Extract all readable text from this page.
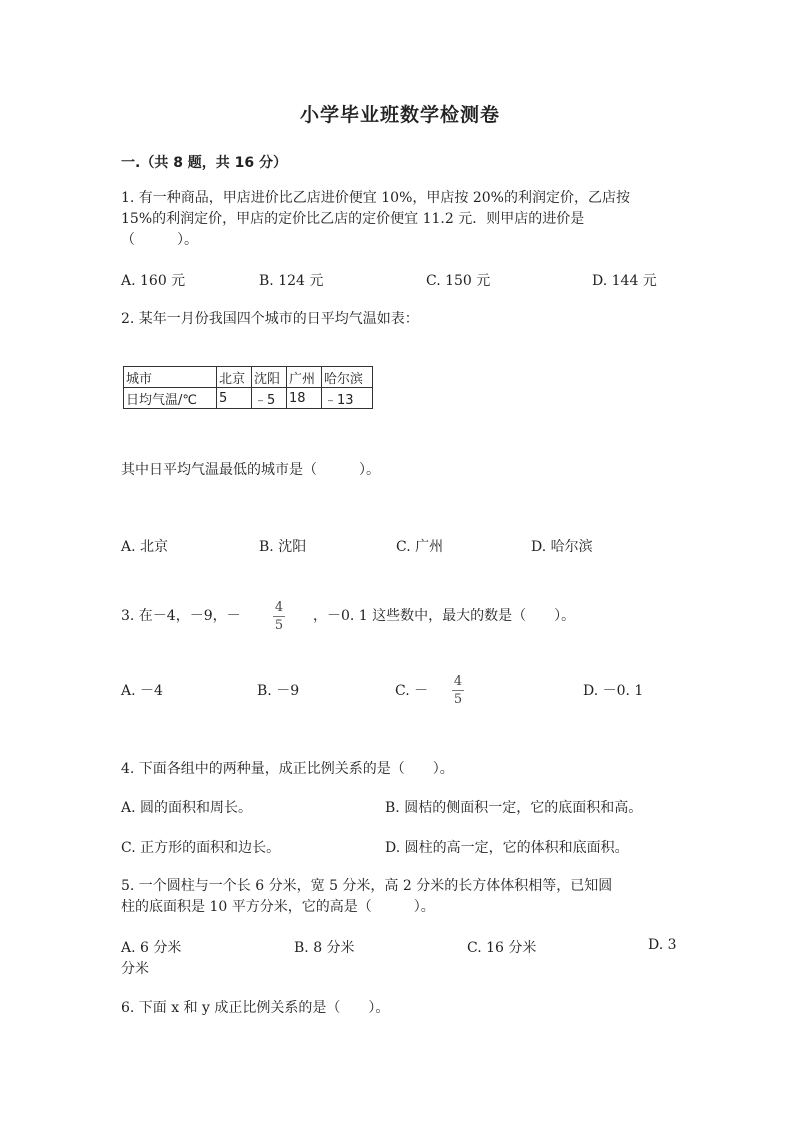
小学毕业班数学检测卷
一.（共 8 题，共 16 分）
1. 有一种商品，甲店进价比乙店进价便宜 10%，甲店按 20%的利润定价，乙店按
15%的利润定价，甲店的定价比乙店的定价便宜 11.2 元．则甲店的进价是
（　　　）。
A. 160 元	B. 124 元	C. 150 元	D. 144 元
2. 某年一月份我国四个城市的日平均气温如表：
城市	北京	沈阳	广州	哈尔滨
日均气温/℃	5	﹣5	18	﹣13
其中日平均气温最低的城市是（　　　）。
A. 北京	B. 沈阳	C. 广州	D. 哈尔滨
3. 在－4，－9，－
4
5
，－0. 1 这些数中，最大的数是（　　）。
A. －4	B. －9	C. －
4
5
D. －0. 1
4. 下面各组中的两种量，成正比例关系的是（　　）。
A. 圆的面积和周长。	B. 圆桔的侧面积一定，它的底面积和高。
C. 正方形的面积和边长。	D. 圆柱的高一定，它的体积和底面积。
5. 一个圆柱与一个长 6 分米，宽 5 分米，高 2 分米的长方体体积相等，已知圆
柱的底面积是 10 平方分米，它的高是（　　　）。
A. 6 分米	B. 8 分米	C. 16 分米	D. 3
分米
6. 下面 x 和 y 成正比例关系的是（　　）。
